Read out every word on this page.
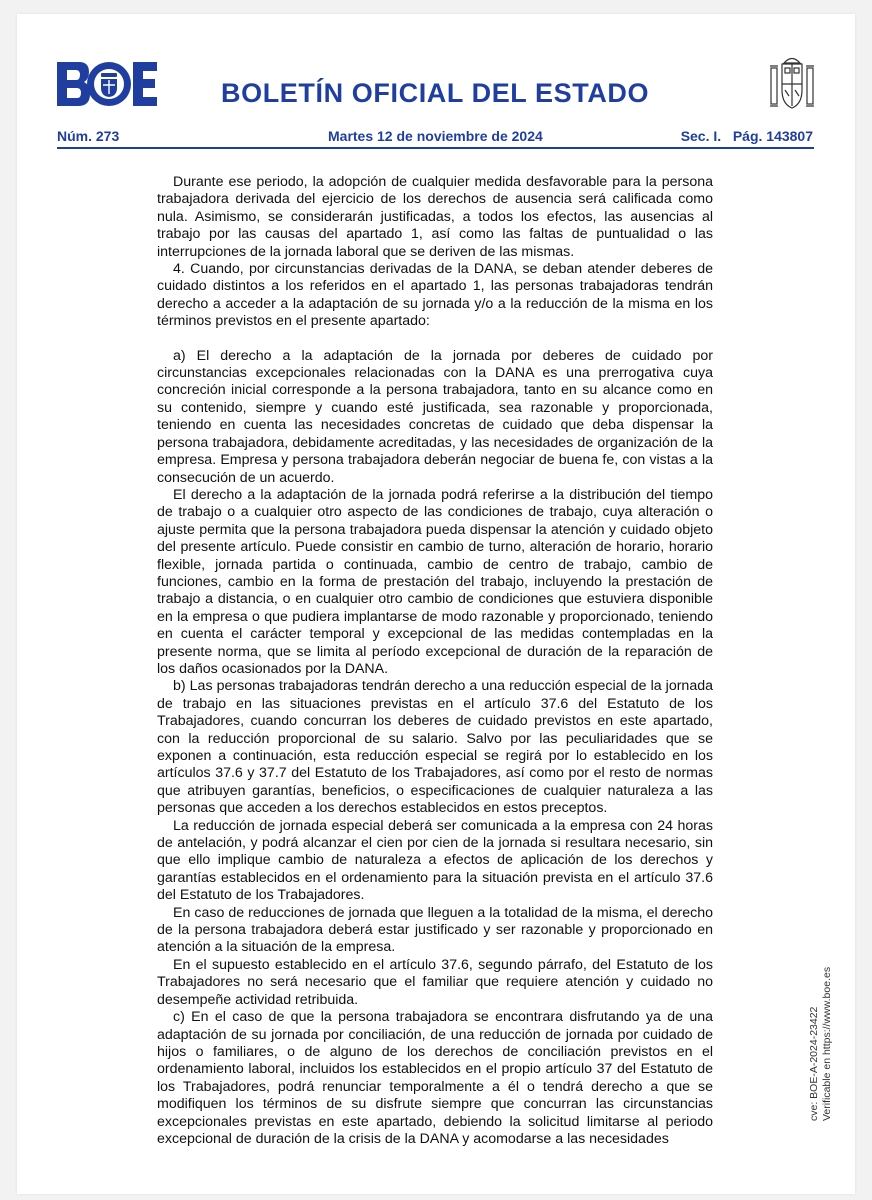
BOLETÍN OFICIAL DEL ESTADO
Núm. 273	Martes 12 de noviembre de 2024	Sec. I.   Pág. 143807

Durante ese periodo, la adopción de cualquier medida desfavorable para la persona trabajadora derivada del ejercicio de los derechos de ausencia será calificada como nula. Asimismo, se considerarán justificadas, a todos los efectos, las ausencias al trabajo por las causas del apartado 1, así como las faltas de puntualidad o las interrupciones de la jornada laboral que se deriven de las mismas.

4. Cuando, por circunstancias derivadas de la DANA, se deban atender deberes de cuidado distintos a los referidos en el apartado 1, las personas trabajadoras tendrán derecho a acceder a la adaptación de su jornada y/o a la reducción de la misma en los términos previstos en el presente apartado:

a) El derecho a la adaptación de la jornada por deberes de cuidado por circunstancias excepcionales relacionadas con la DANA es una prerrogativa cuya concreción inicial corresponde a la persona trabajadora, tanto en su alcance como en su contenido, siempre y cuando esté justificada, sea razonable y proporcionada, teniendo en cuenta las necesidades concretas de cuidado que deba dispensar la persona trabajadora, debidamente acreditadas, y las necesidades de organización de la empresa. Empresa y persona trabajadora deberán negociar de buena fe, con vistas a la consecución de un acuerdo.

El derecho a la adaptación de la jornada podrá referirse a la distribución del tiempo de trabajo o a cualquier otro aspecto de las condiciones de trabajo, cuya alteración o ajuste permita que la persona trabajadora pueda dispensar la atención y cuidado objeto del presente artículo. Puede consistir en cambio de turno, alteración de horario, horario flexible, jornada partida o continuada, cambio de centro de trabajo, cambio de funciones, cambio en la forma de prestación del trabajo, incluyendo la prestación de trabajo a distancia, o en cualquier otro cambio de condiciones que estuviera disponible en la empresa o que pudiera implantarse de modo razonable y proporcionado, teniendo en cuenta el carácter temporal y excepcional de las medidas contempladas en la presente norma, que se limita al período excepcional de duración de la reparación de los daños ocasionados por la DANA.

b) Las personas trabajadoras tendrán derecho a una reducción especial de la jornada de trabajo en las situaciones previstas en el artículo 37.6 del Estatuto de los Trabajadores, cuando concurran los deberes de cuidado previstos en este apartado, con la reducción proporcional de su salario. Salvo por las peculiaridades que se exponen a continuación, esta reducción especial se regirá por lo establecido en los artículos 37.6 y 37.7 del Estatuto de los Trabajadores, así como por el resto de normas que atribuyen garantías, beneficios, o especificaciones de cualquier naturaleza a las personas que acceden a los derechos establecidos en estos preceptos.

La reducción de jornada especial deberá ser comunicada a la empresa con 24 horas de antelación, y podrá alcanzar el cien por cien de la jornada si resultara necesario, sin que ello implique cambio de naturaleza a efectos de aplicación de los derechos y garantías establecidos en el ordenamiento para la situación prevista en el artículo 37.6 del Estatuto de los Trabajadores.

En caso de reducciones de jornada que lleguen a la totalidad de la misma, el derecho de la persona trabajadora deberá estar justificado y ser razonable y proporcionado en atención a la situación de la empresa.

En el supuesto establecido en el artículo 37.6, segundo párrafo, del Estatuto de los Trabajadores no será necesario que el familiar que requiere atención y cuidado no desempeñe actividad retribuida.

c) En el caso de que la persona trabajadora se encontrara disfrutando ya de una adaptación de su jornada por conciliación, de una reducción de jornada por cuidado de hijos o familiares, o de alguno de los derechos de conciliación previstos en el ordenamiento laboral, incluidos los establecidos en el propio artículo 37 del Estatuto de los Trabajadores, podrá renunciar temporalmente a él o tendrá derecho a que se modifiquen los términos de su disfrute siempre que concurran las circunstancias excepcionales previstas en este apartado, debiendo la solicitud limitarse al periodo excepcional de duración de la crisis de la DANA y acomodarse a las necesidades

cve: BOE-A-2024-23422 Verificable en https://www.boe.es
